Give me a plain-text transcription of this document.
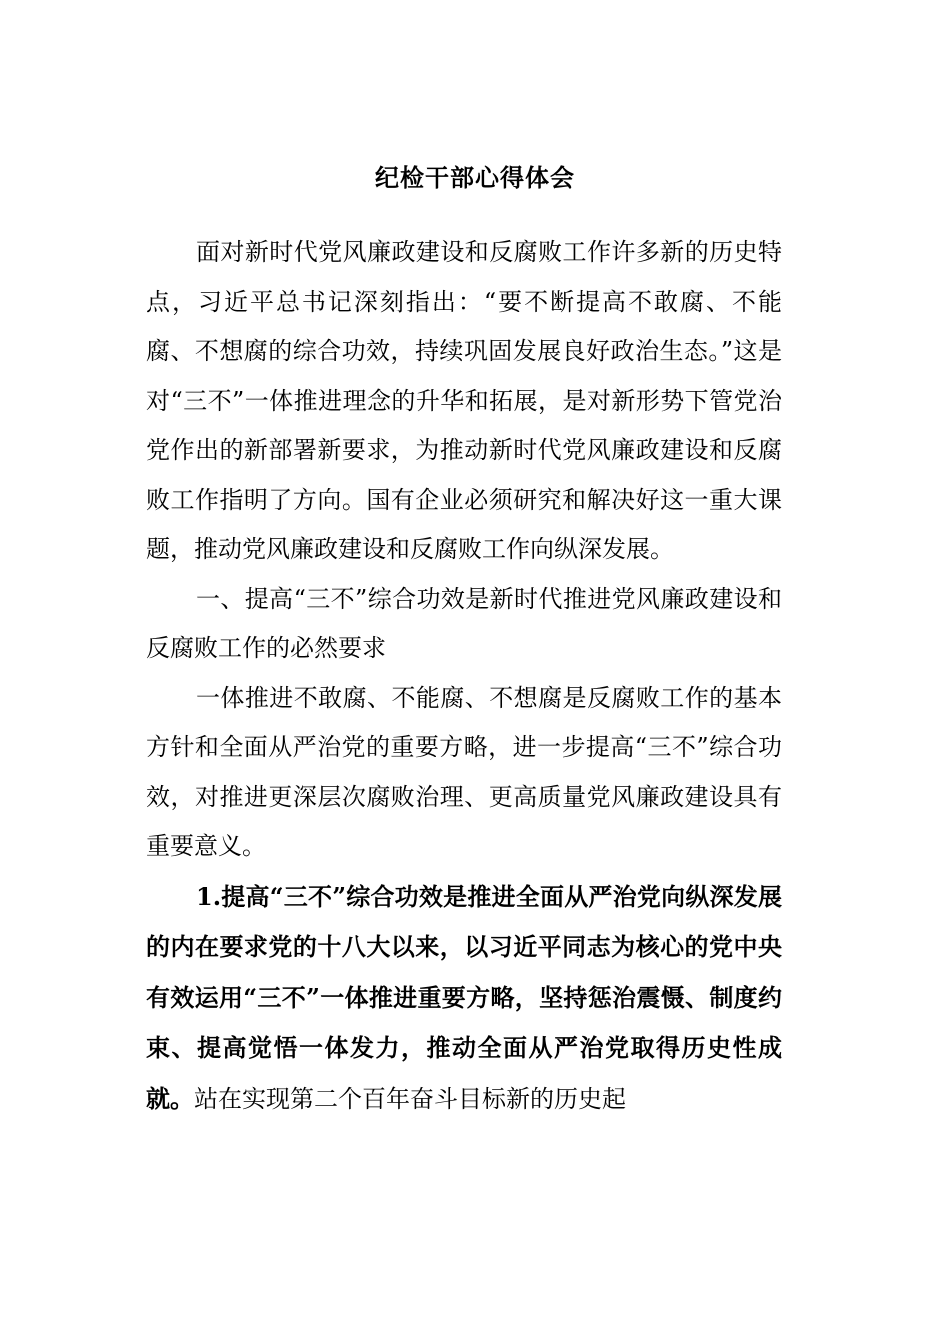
纪检干部心得体会

面对新时代党风廉政建设和反腐败工作许多新的历史特点，习近平总书记深刻指出：“要不断提高不敢腐、不能腐、不想腐的综合功效，持续巩固发展良好政治生态。”这是对“三不”一体推进理念的升华和拓展，是对新形势下管党治党作出的新部署新要求，为推动新时代党风廉政建设和反腐败工作指明了方向。国有企业必须研究和解决好这一重大课题，推动党风廉政建设和反腐败工作向纵深发展。

一、提高“三不”综合功效是新时代推进党风廉政建设和反腐败工作的必然要求

一体推进不敢腐、不能腐、不想腐是反腐败工作的基本方针和全面从严治党的重要方略，进一步提高“三不”综合功效，对推进更深层次腐败治理、更高质量党风廉政建设具有重要意义。

1.提高“三不”综合功效是推进全面从严治党向纵深发展的内在要求党的十八大以来，以习近平同志为核心的党中央有效运用“三不”一体推进重要方略，坚持惩治震慑、制度约束、提高觉悟一体发力，推动全面从严治党取得历史性成就。站在实现第二个百年奋斗目标新的历史起
